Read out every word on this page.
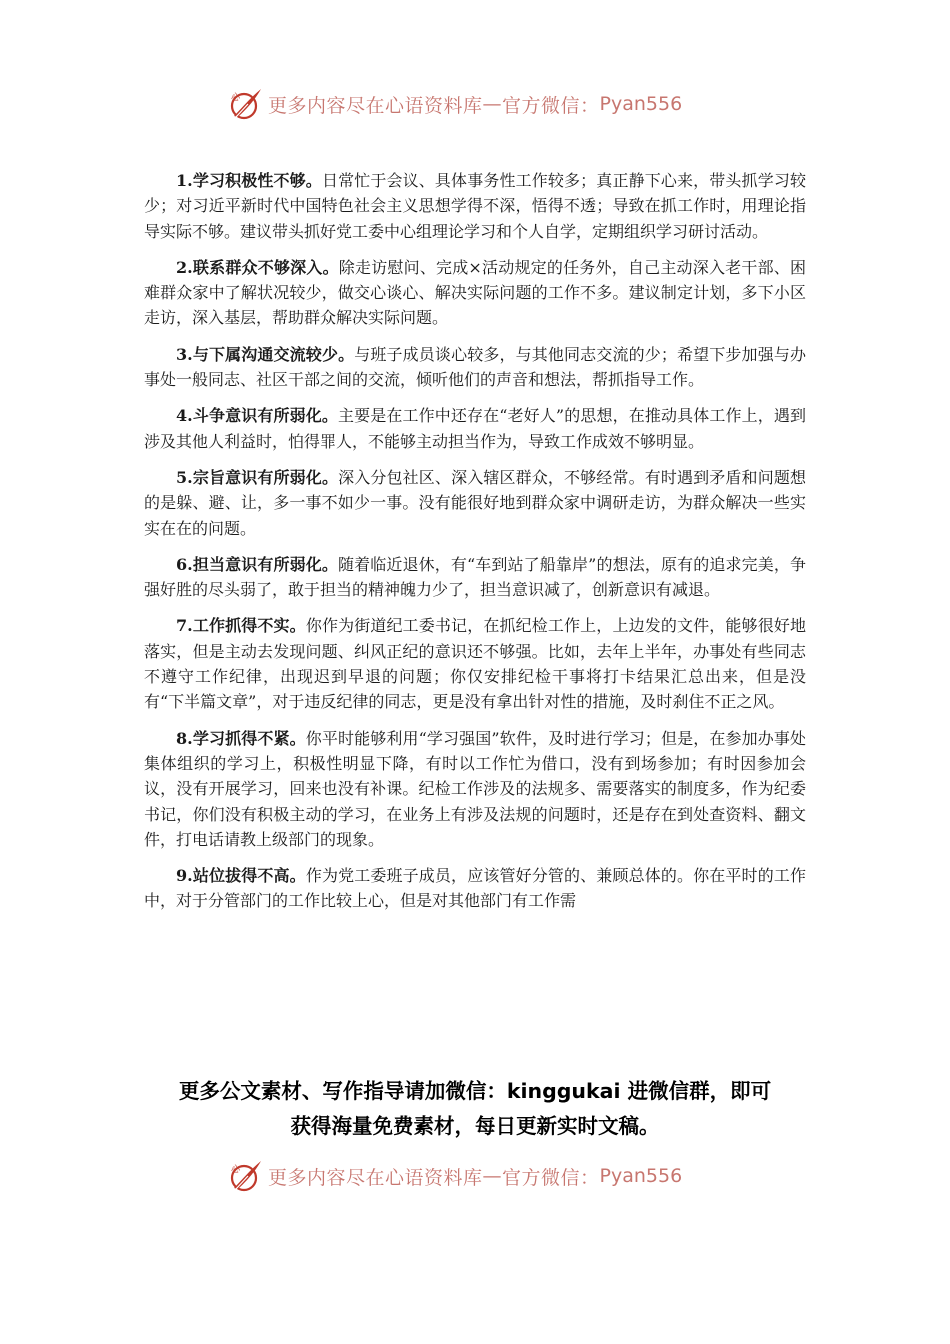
心 更多内容尽在心语资料库 — 官方微信： Pyan556

1.学习积极性不够。日常忙于会议、具体事务性工作较多；真正静下心来，带头抓学习较少；对习近平新时代中国特色社会主义思想学得不深，悟得不透；导致在抓工作时，用理论指导实际不够。建议带头抓好党工委中心组理论学习和个人自学，定期组织学习研讨活动。

2.联系群众不够深入。除走访慰问、完成×活动规定的任务外，自己主动深入老干部、困难群众家中了解状况较少，做交心谈心、解决实际问题的工作不多。建议制定计划，多下小区走访，深入基层，帮助群众解决实际问题。

3.与下属沟通交流较少。与班子成员谈心较多，与其他同志交流的少；希望下步加强与办事处一般同志、社区干部之间的交流，倾听他们的声音和想法，帮抓指导工作。

4.斗争意识有所弱化。主要是在工作中还存在“老好人”的思想，在推动具体工作上，遇到涉及其他人利益时，怕得罪人，不能够主动担当作为，导致工作成效不够明显。

5.宗旨意识有所弱化。深入分包社区、深入辖区群众，不够经常。有时遇到矛盾和问题想的是躲、避、让，多一事不如少一事。没有能很好地到群众家中调研走访，为群众解决一些实实在在的问题。

6.担当意识有所弱化。随着临近退休，有“车到站了船靠岸”的想法，原有的追求完美，争强好胜的尽头弱了，敢于担当的精神魄力少了，担当意识减了，创新意识有减退。

7.工作抓得不实。你作为街道纪工委书记，在抓纪检工作上，上边发的文件，能够很好地落实，但是主动去发现问题、纠风正纪的意识还不够强。比如，去年上半年，办事处有些同志不遵守工作纪律，出现迟到早退的问题；你仅安排纪检干事将打卡结果汇总出来，但是没有“下半篇文章”，对于违反纪律的同志，更是没有拿出针对性的措施，及时刹住不正之风。

8.学习抓得不紧。你平时能够利用“学习强国”软件，及时进行学习；但是，在参加办事处集体组织的学习上，积极性明显下降，有时以工作忙为借口，没有到场参加；有时因参加会议，没有开展学习，回来也没有补课。纪检工作涉及的法规多、需要落实的制度多，作为纪委书记，你们没有积极主动的学习，在业务上有涉及法规的问题时，还是存在到处查资料、翻文件，打电话请教上级部门的现象。

9.站位拔得不高。作为党工委班子成员，应该管好分管的、兼顾总体的。你在平时的工作中，对于分管部门的工作比较上心，但是对其他部门有工作需

更多公文素材、写作指导请加微信：kinggukai 进微信群，即可
获得海量免费素材，每日更新实时文稿。
心 更多内容尽在心语资料库 — 官方微信： Pyan556
